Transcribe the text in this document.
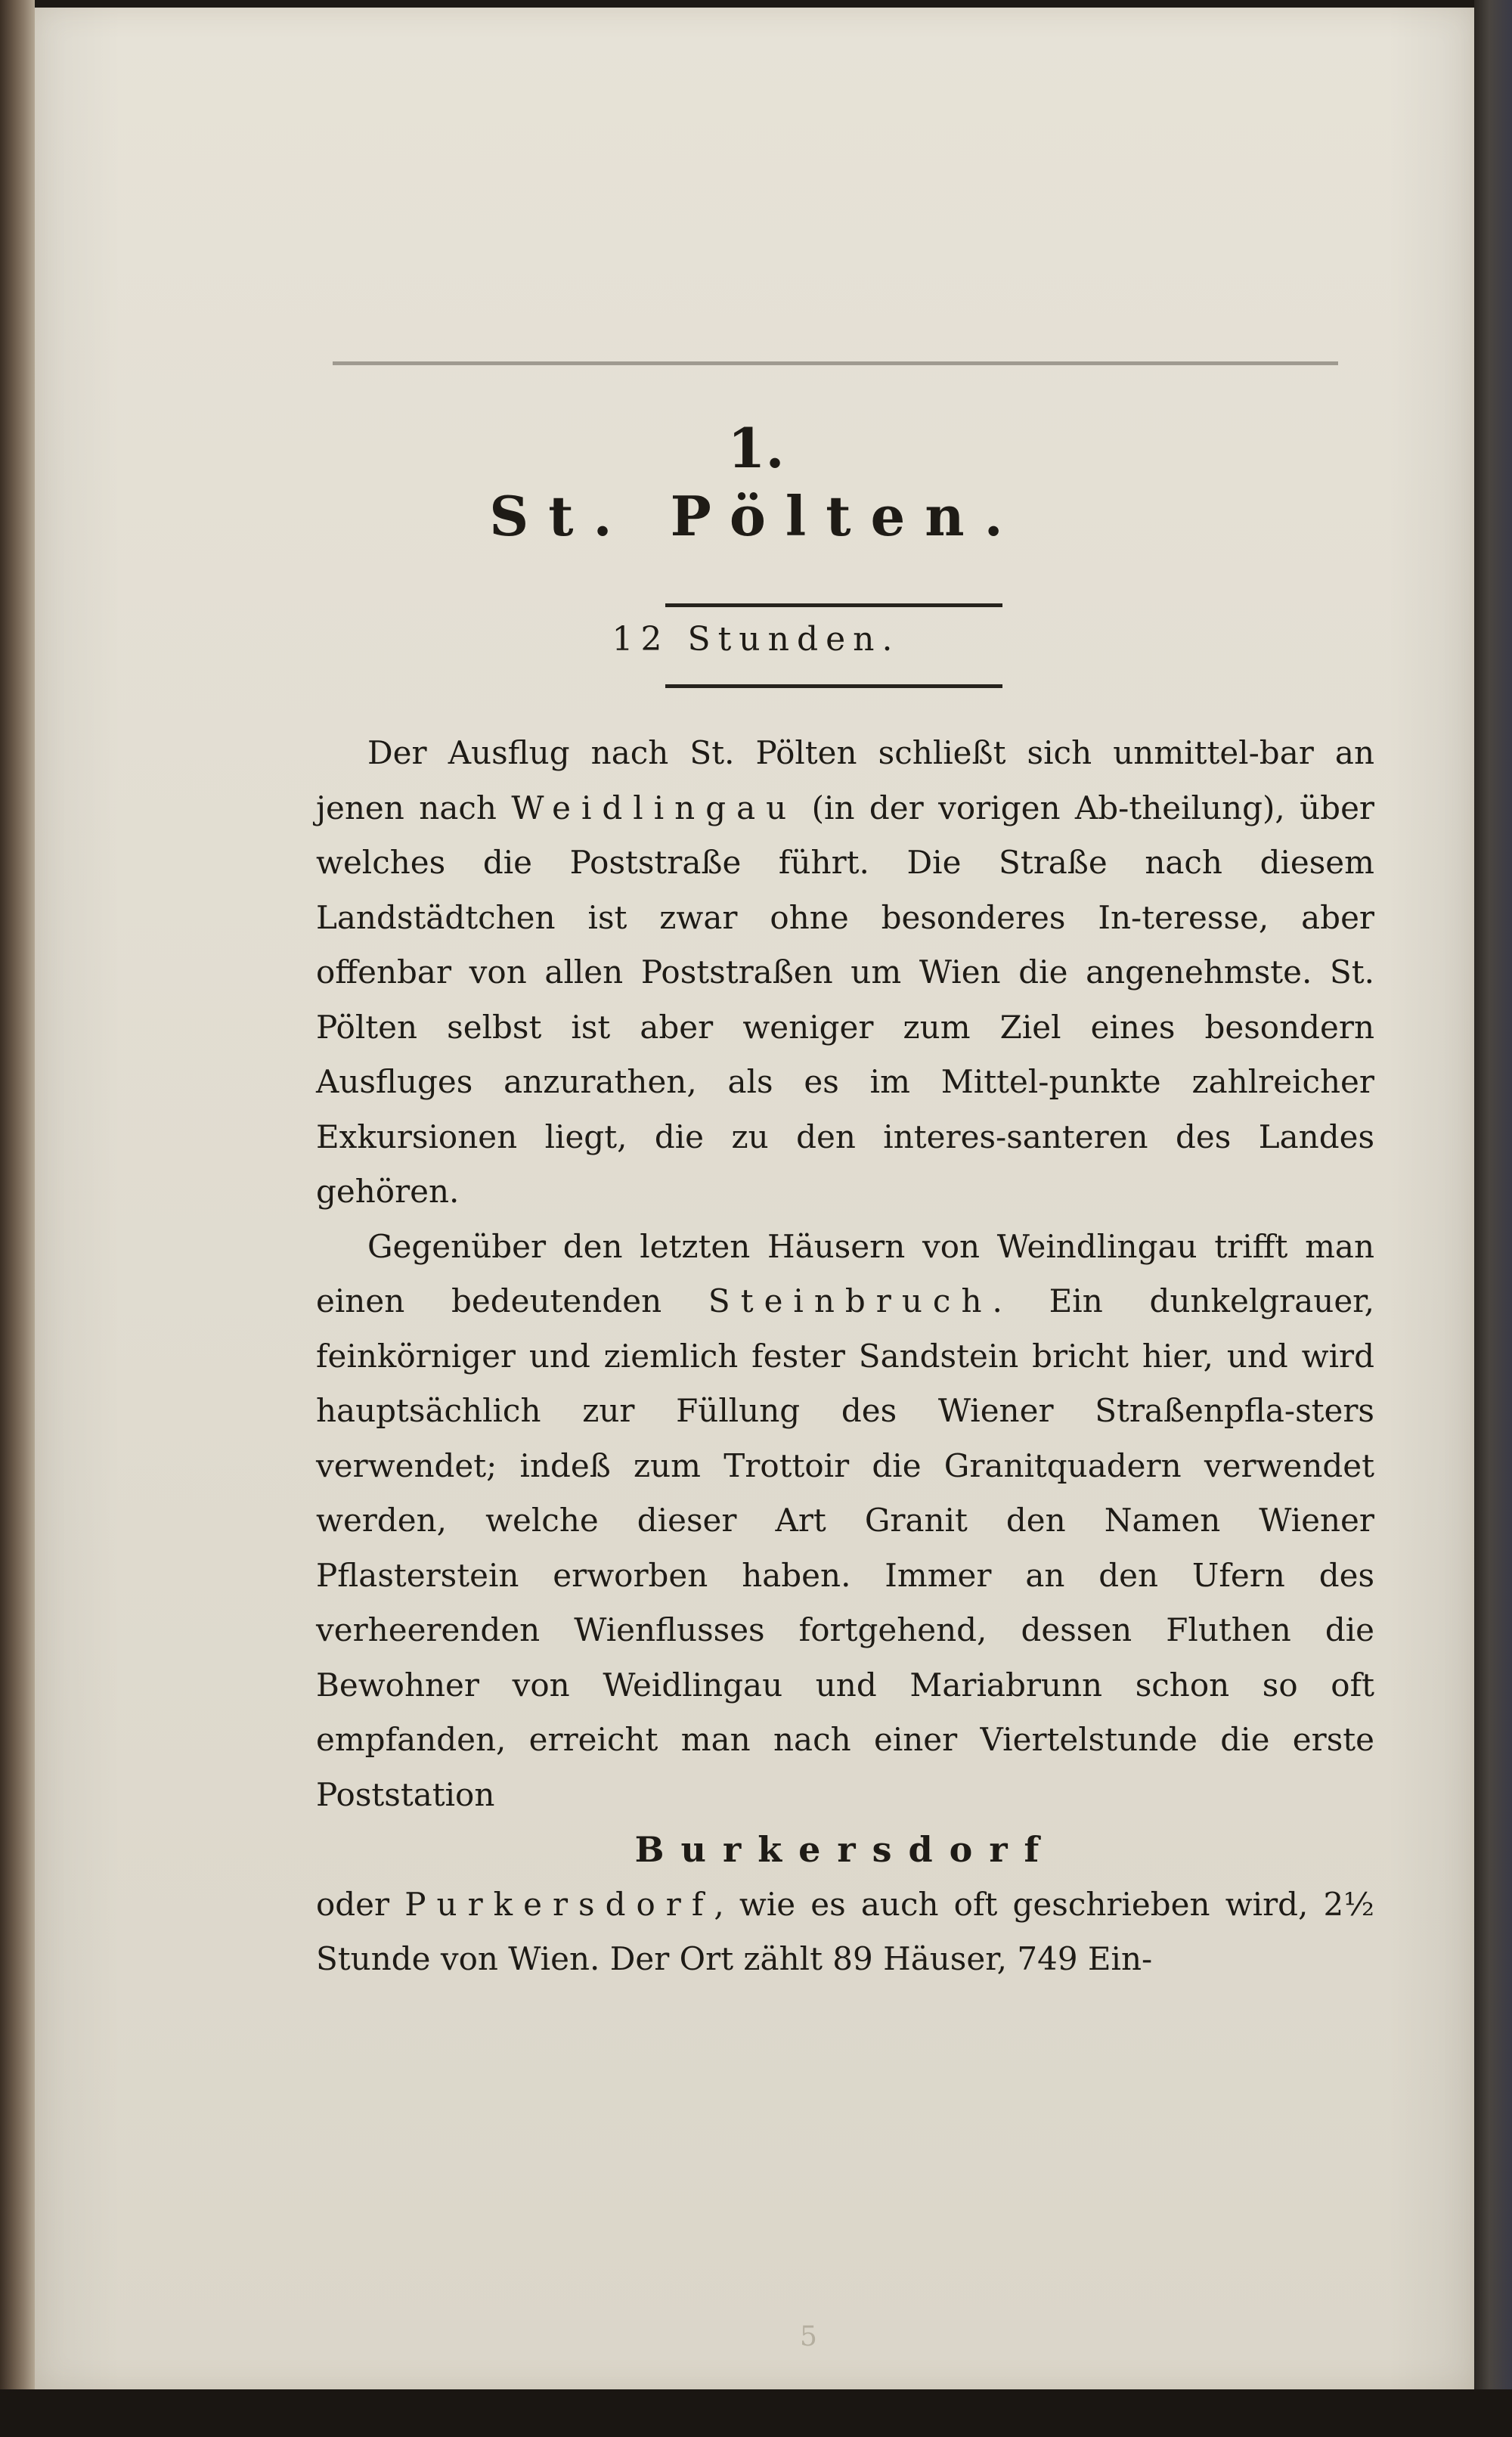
1.
St. Pölten.
12 Stunden.

Der Ausflug nach St. Pölten schließt sich unmittel-bar an jenen nach Weidlingau (in der vorigen Ab-theilung), über welches die Poststraße führt. Die Straße nach diesem Landstädtchen ist zwar ohne besonderes In-teresse, aber offenbar von allen Poststraßen um Wien die angenehmste. St. Pölten selbst ist aber weniger zum Ziel eines besondern Ausfluges anzurathen, als es im Mittel-punkte zahlreicher Exkursionen liegt, die zu den interes-santeren des Landes gehören.

Gegenüber den letzten Häusern von Weindlingau trifft man einen bedeutenden Steinbruch. Ein dunkelgrauer, feinkörniger und ziemlich fester Sandstein bricht hier, und wird hauptsächlich zur Füllung des Wiener Straßenpfla-sters verwendet; indeß zum Trottoir die Granitquadern verwendet werden, welche dieser Art Granit den Namen Wiener Pflasterstein erworben haben. Immer an den Ufern des verheerenden Wienflusses fortgehend, dessen Fluthen die Bewohner von Weidlingau und Mariabrunn schon so oft empfanden, erreicht man nach einer Viertelstunde die erste Poststation

Burkersdorf

oder Purkersdorf, wie es auch oft geschrieben wird, 2½ Stunde von Wien. Der Ort zählt 89 Häuser, 749 Ein-

5
